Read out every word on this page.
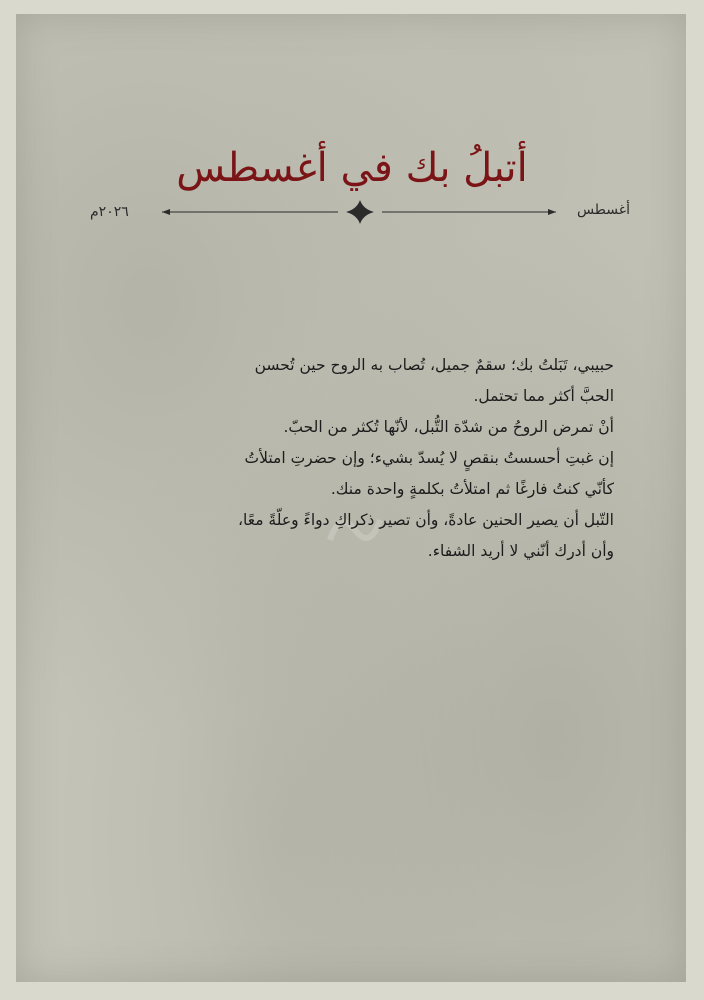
أتبلُ بك في أغسطس
أغسطس
٢٠٢٦م
حبيبي، تَبَلتُ بك؛ سقمٌ جميل، تُصاب به الروح حين تُحسن
الحبَّ أكثر مما تحتمل.
أنْ تمرض الروحُ من شدّة التُّبل، لأنّها تُكثر من الحبّ.
إن غبتِ أحسستُ بنقصٍ لا يُسدّ بشيء؛ وإن حضرتِ امتلأتُ
كأنّي كنتُ فارغًا ثم امتلأتُ بكلمةٍ واحدة منك.
التّبل أن يصير الحنين عادةً، وأن تصير ذكراكِ دواءً وعلّةً معًا،
وأن أدرك أنّني لا أريد الشفاء.
